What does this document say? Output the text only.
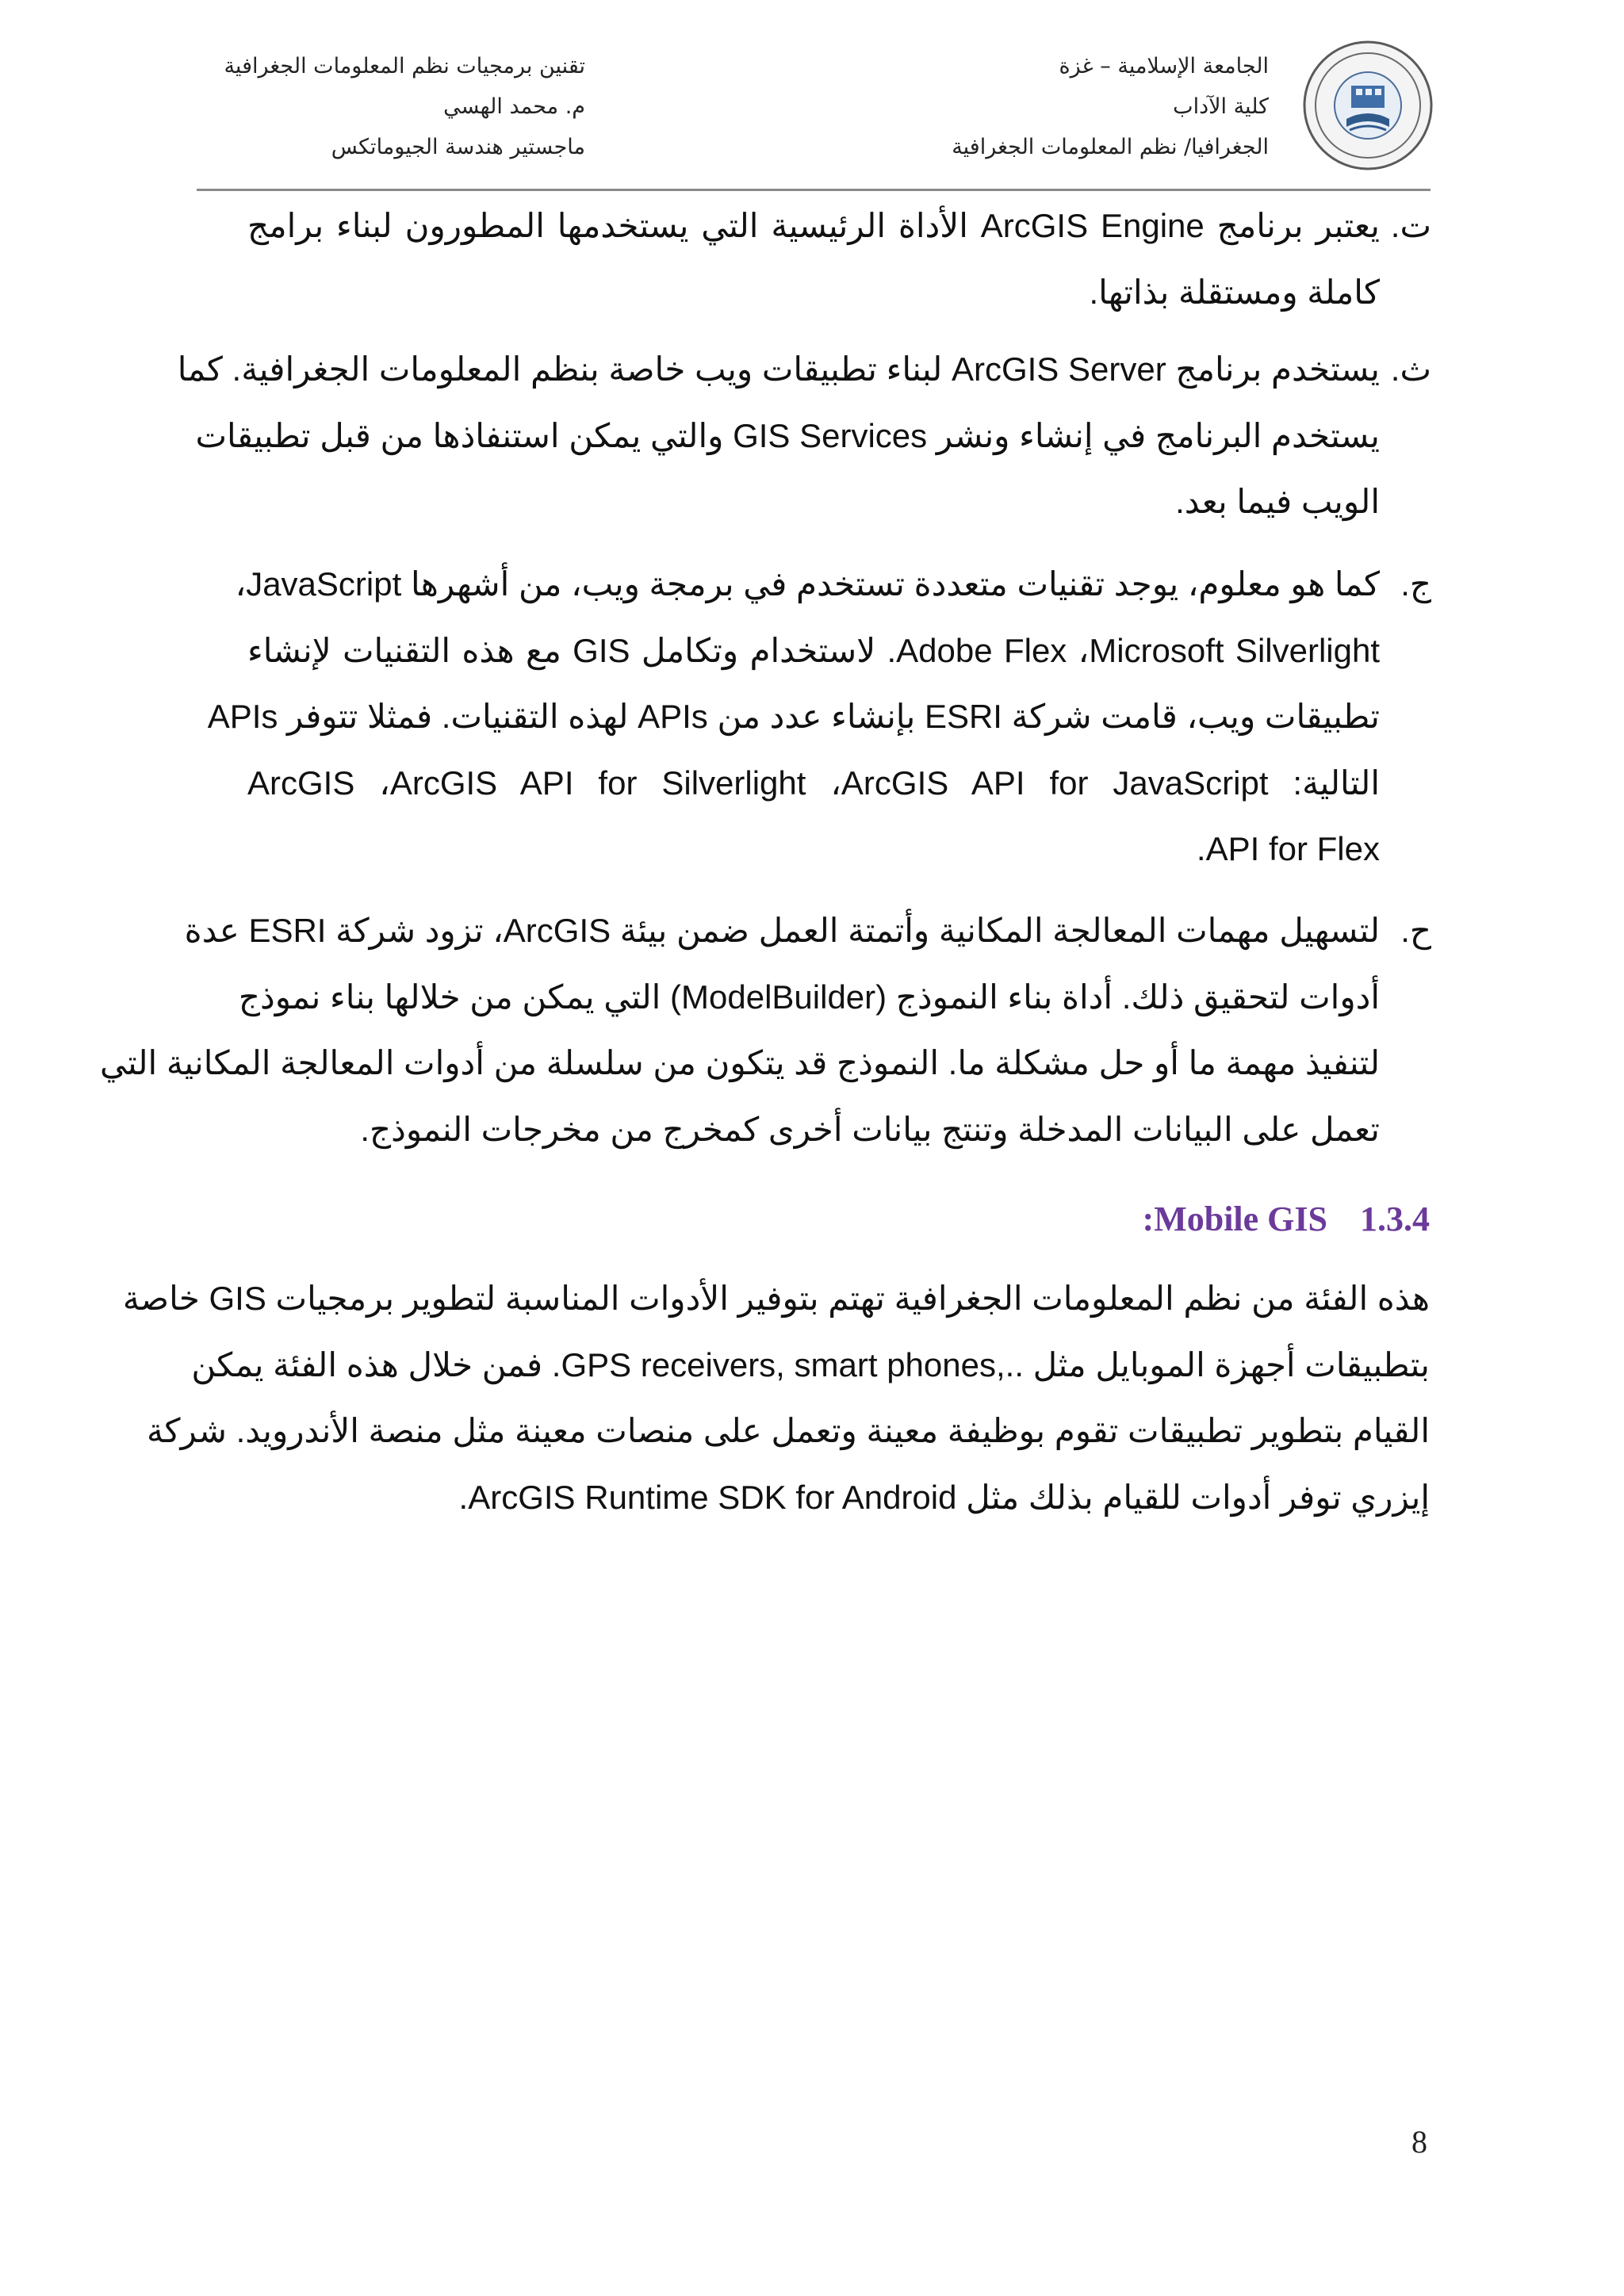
الجامعة الإسلامية – غزة
كلية الآداب
الجغرافيا/ نظم المعلومات الجغرافية
تقنين برمجيات نظم المعلومات الجغرافية
م. محمد الهسي
ماجستير هندسة الجيوماتكس
ت.
يعتبر برنامج ArcGIS Engine الأداة الرئيسية التي يستخدمها المطورون لبناء برامج
كاملة ومستقلة بذاتها.
ث.
يستخدم برنامج ArcGIS Server لبناء تطبيقات ويب خاصة بنظم المعلومات الجغرافية. كما
يستخدم البرنامج في إنشاء ونشر GIS Services والتي يمكن استنفاذها من قبل تطبيقات
الويب فيما بعد.
ج.
كما هو معلوم، يوجد تقنيات متعددة تستخدم في برمجة ويب، من أشهرها JavaScript،
Microsoft Silverlight، Adobe Flex. لاستخدام وتكامل GIS مع هذه التقنيات لإنشاء
تطبيقات ويب، قامت شركة ESRI بإنشاء عدد من APIs لهذه التقنيات. فمثلا تتوفر APIs
التالية: ArcGIS API for JavaScript، ArcGIS API for Silverlight، ArcGIS
API for Flex.
ح.
لتسهيل مهمات المعالجة المكانية وأتمتة العمل ضمن بيئة ArcGIS، تزود شركة ESRI عدة
أدوات لتحقيق ذلك. أداة بناء النموذج (ModelBuilder) التي يمكن من خلالها بناء نموذج
لتنفيذ مهمة ما أو حل مشكلة ما. النموذج قد يتكون من سلسلة من أدوات المعالجة المكانية التي
تعمل على البيانات المدخلة وتنتج بيانات أخرى كمخرج من مخرجات النموذج.
:Mobile GIS 1.3.4
هذه الفئة من نظم المعلومات الجغرافية تهتم بتوفير الأدوات المناسبة لتطوير برمجيات GIS خاصة
بتطبيقات أجهزة الموبايل مثل GPS receivers, smart phones,... فمن خلال هذه الفئة يمكن
القيام بتطوير تطبيقات تقوم بوظيفة معينة وتعمل على منصات معينة مثل منصة الأندرويد. شركة
إيزري توفر أدوات للقيام بذلك مثل ArcGIS Runtime SDK for Android.
8
